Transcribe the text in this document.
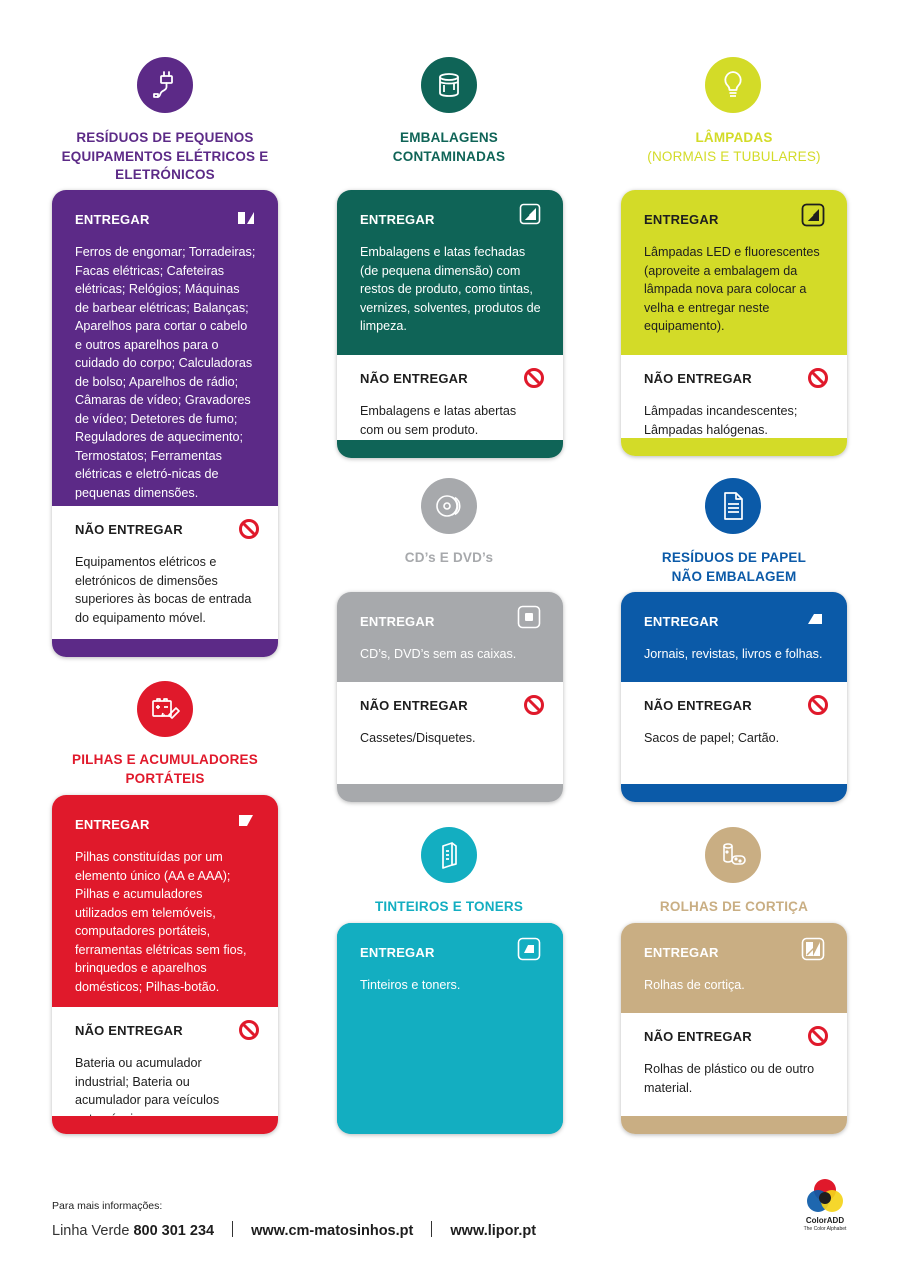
RESÍDUOS DE PEQUENOS
EQUIPAMENTOS ELÉTRICOS E
ELETRÓNICOS
ENTREGAR
Ferros de engomar; Torradeiras; Facas elétricas; Cafeteiras elétricas; Relógios; Máquinas de barbear elétricas; Balanças; Aparelhos para cortar o cabelo e outros aparelhos para o cuidado do corpo; Calculadoras de bolso; Aparelhos de rádio; Câmaras de vídeo; Gravadores de vídeo; Detetores de fumo; Reguladores de aquecimento; Termostatos; Ferramentas elétricas e eletró-nicas de pequenas dimensões.
NÃO ENTREGAR
Equipamentos elétricos e eletrónicos de dimensões superiores às bocas de entrada do equipamento móvel.
PILHAS E ACUMULADORES
PORTÁTEIS
ENTREGAR
Pilhas constituídas por um elemento único (AA e AAA); Pilhas e acumuladores utilizados em telemóveis, computadores portáteis, ferramentas elétricas sem fios, brinquedos e aparelhos domésticos; Pilhas-botão.
NÃO ENTREGAR
Bateria ou acumulador industrial; Bateria ou acumulador para veículos
EMBALAGENS
CONTAMINADAS
ENTREGAR
Embalagens e latas fechadas (de pequena dimensão) com restos de produto, como tintas, vernizes, solventes, produtos de limpeza.
NÃO ENTREGAR
Embalagens e latas abertas com ou sem produto.
CD’s E DVD’s
ENTREGAR
CD’s, DVD’s sem as caixas.
NÃO ENTREGAR
Cassetes/Disquetes.
TINTEIROS E TONERS
ENTREGAR
Tinteiros e toners.
LÂMPADAS
(NORMAIS E TUBULARES)
ENTREGAR
Lâmpadas LED e fluorescentes (aproveite a embalagem da lâmpada nova para colocar a velha e entregar neste equipamento).
NÃO ENTREGAR
Lâmpadas incandescentes; Lâmpadas halógenas.
RESÍDUOS DE PAPEL
NÃO EMBALAGEM
ENTREGAR
Jornais, revistas, livros e folhas.
NÃO ENTREGAR
Sacos de papel; Cartão.
ROLHAS DE CORTIÇA
ENTREGAR
Rolhas de cortiça.
NÃO ENTREGAR
Rolhas de plástico ou de outro material.
Para mais informações:
Linha Verde 800 301 234	www.cm-matosinhos.pt	www.lipor.pt
ColorADD
The Color Alphabet
